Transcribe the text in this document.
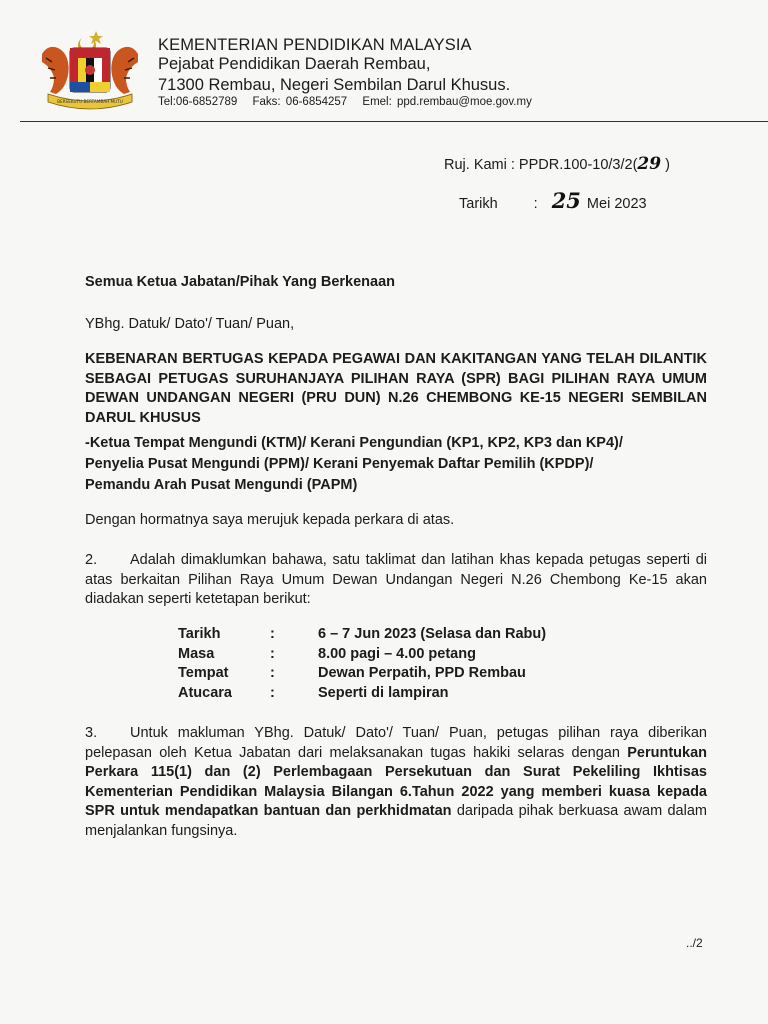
BERSEKUTU BERTAMBAH MUTU
KEMENTERIAN PENDIDIKAN MALAYSIA
Pejabat Pendidikan Daerah Rembau,
71300 Rembau, Negeri Sembilan Darul Khusus.
Tel:06-6852789 Faks: 06-6854257 Emel: ppd.rembau@moe.gov.my
Ruj. Kami : PPDR.100-10/3/2(29 )
Tarikh : 25 Mei 2023
Semua Ketua Jabatan/Pihak Yang Berkenaan
YBhg. Datuk/ Dato'/ Tuan/ Puan,
KEBENARAN BERTUGAS KEPADA PEGAWAI DAN KAKITANGAN YANG TELAH DILANTIK SEBAGAI PETUGAS SURUHANJAYA PILIHAN RAYA (SPR) BAGI PILIHAN RAYA UMUM DEWAN UNDANGAN NEGERI (PRU DUN) N.26 CHEMBONG KE-15 NEGERI SEMBILAN DARUL KHUSUS
-Ketua Tempat Mengundi (KTM)/ Kerani Pengundian (KP1, KP2, KP3 dan KP4)/
Penyelia Pusat Mengundi (PPM)/ Kerani Penyemak Daftar Pemilih (KPDP)/
Pemandu Arah Pusat Mengundi (PAPM)
Dengan hormatnya saya merujuk kepada perkara di atas.
2. Adalah dimaklumkan bahawa, satu taklimat dan latihan khas kepada petugas seperti di atas berkaitan Pilihan Raya Umum Dewan Undangan Negeri N.26 Chembong Ke-15 akan diadakan seperti ketetapan berikut:
Tarikh	:	6 – 7 Jun 2023 (Selasa dan Rabu)
Masa	:	8.00 pagi – 4.00 petang
Tempat	:	Dewan Perpatih, PPD Rembau
Atucara	:	Seperti di lampiran
3. Untuk makluman YBhg. Datuk/ Dato'/ Tuan/ Puan, petugas pilihan raya diberikan pelepasan oleh Ketua Jabatan dari melaksanakan tugas hakiki selaras dengan Peruntukan Perkara 115(1) dan (2) Perlembagaan Persekutuan dan Surat Pekeliling Ikhtisas Kementerian Pendidikan Malaysia Bilangan 6.Tahun 2022 yang memberi kuasa kepada SPR untuk mendapatkan bantuan dan perkhidmatan daripada pihak berkuasa awam dalam menjalankan fungsinya.
../2
